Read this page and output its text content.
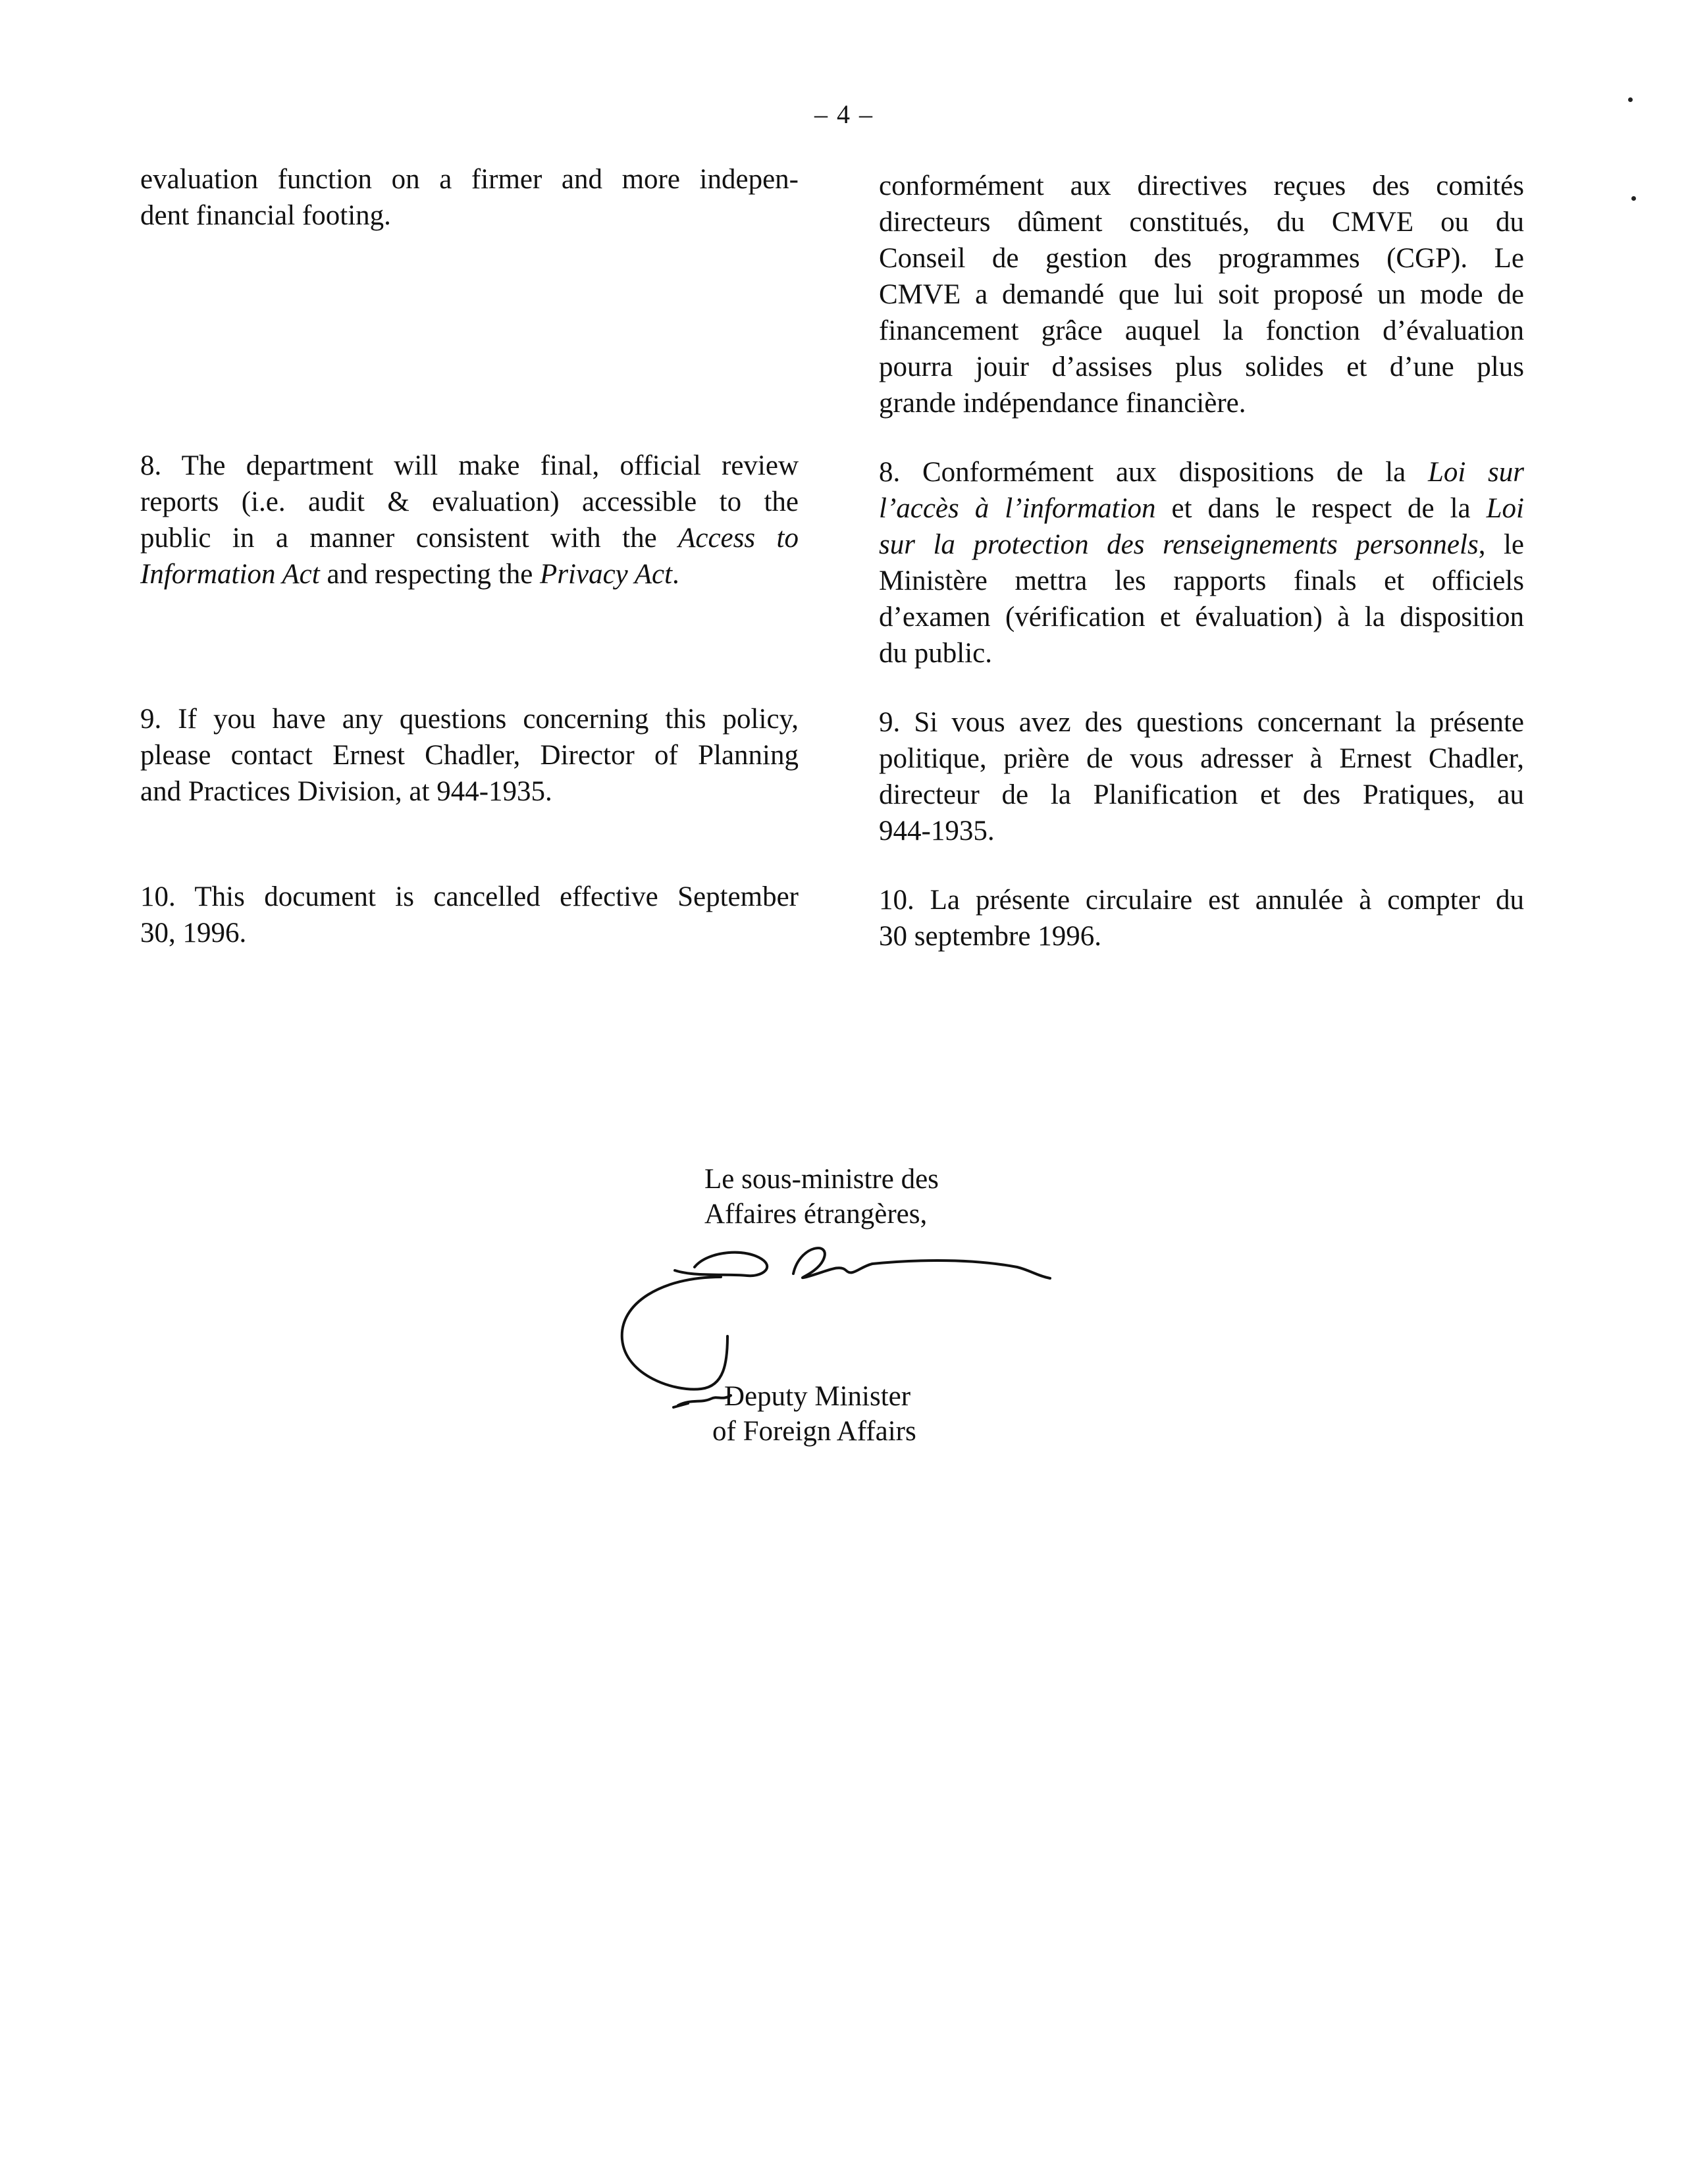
– 4 –
evaluation function on a firmer and more indepen-
dent financial footing.
8. The department will make final, official review
reports (i.e. audit & evaluation) accessible to the
public in a manner consistent with the Access to
Information Act and respecting the Privacy Act.
9. If you have any questions concerning this policy,
please contact Ernest Chadler, Director of Planning
and Practices Division, at 944-1935.
10. This document is cancelled effective September
30, 1996.
conformément aux directives reçues des comités
directeurs dûment constitués, du CMVE ou du
Conseil de gestion des programmes (CGP). Le
CMVE a demandé que lui soit proposé un mode de
financement grâce auquel la fonction d’évaluation
pourra jouir d’assises plus solides et d’une plus
grande indépendance financière.
8. Conformément aux dispositions de la Loi sur
l’accès à l’information et dans le respect de la Loi
sur la protection des renseignements personnels, le
Ministère mettra les rapports finals et officiels
d’examen (vérification et évaluation) à la disposition
du public.
9. Si vous avez des questions concernant la présente
politique, prière de vous adresser à Ernest Chadler,
directeur de la Planification et des Pratiques, au
944-1935.
10. La présente circulaire est annulée à compter du
30 septembre 1996.
Le sous-ministre des
Affaires étrangères,
Deputy Minister
of Foreign Affairs
